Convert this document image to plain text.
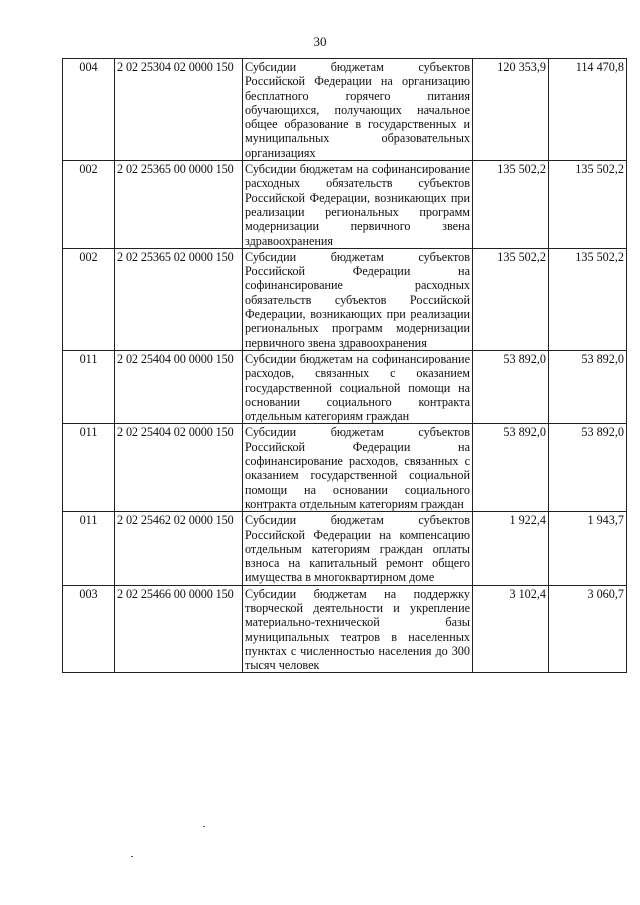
30
004	2 02 25304 02 0000 150	Субсидии бюджетам субъектов Российской Федерации на организацию бесплатного горячего питания обучающихся, получающих начальное общее образование в государственных и муниципальных образовательных организациях	120 353,9	114 470,8
002	2 02 25365 00 0000 150	Субсидии бюджетам на софинансирование расходных обязательств субъектов Российской Федерации, возникающих при реализации региональных программ модернизации первичного звена здравоохранения	135 502,2	135 502,2
002	2 02 25365 02 0000 150	Субсидии бюджетам субъектов Российской Федерации на софинансирование расходных обязательств субъектов Российской Федерации, возникающих при реализации региональных программ модернизации первичного звена здравоохранения	135 502,2	135 502,2
011	2 02 25404 00 0000 150	Субсидии бюджетам на софинансирование расходов, связанных с оказанием государственной социальной помощи на основании социального контракта отдельным категориям граждан	53 892,0	53 892,0
011	2 02 25404 02 0000 150	Субсидии бюджетам субъектов Российской Федерации на софинансирование расходов, связанных с оказанием государственной социальной помощи на основании социального контракта отдельным категориям граждан	53 892,0	53 892,0
011	2 02 25462 02 0000 150	Субсидии бюджетам субъектов Российской Федерации на компенсацию отдельным категориям граждан оплаты взноса на капитальный ремонт общего имущества в многоквартирном доме	1 922,4	1 943,7
003	2 02 25466 00 0000 150	Субсидии бюджетам на поддержку творческой деятельности и укрепление материально-технической базы муниципальных театров в населенных пунктах с численностью населения до 300 тысяч человек	3 102,4	3 060,7
